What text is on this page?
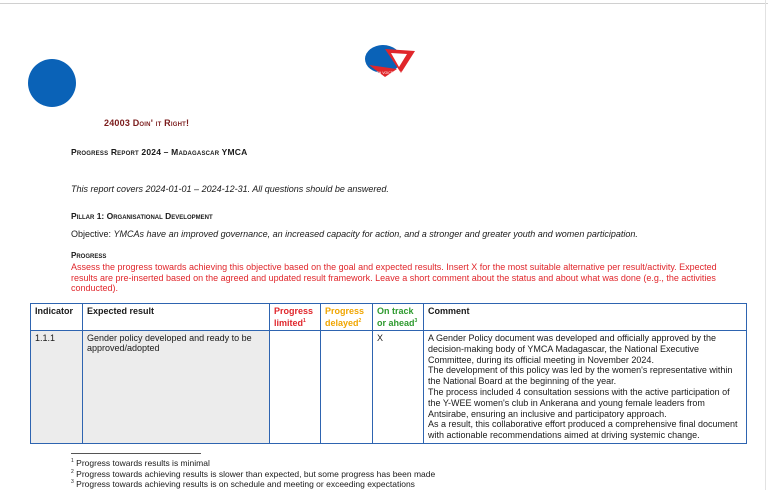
YOUTH VOICE IN CREATION
24003 Doin' it Right!
Progress Report 2024 – Madagascar YMCA
This report covers 2024-01-01 – 2024-12-31. All questions should be answered.
Pillar 1: Organisational Development
Objective: YMCAs have an improved governance, an increased capacity for action, and a stronger and greater youth and women participation.
Progress
Assess the progress towards achieving this objective based on the goal and expected results. Insert X for the most suitable alternative per result/activity. Expected results are pre-inserted based on the agreed and updated result framework. Leave a short comment about the status and about what was done (e.g., the activities conducted).
Indicator	Expected result	Progress limited$^1$	Progress delayed$^2$	On track or ahead$^3$	Comment
1.1.1	Gender policy developed and ready to be approved/adopted			X	A Gender Policy document was developed and officially approved by the decision-making body of YMCA Madagascar, the National Executive Committee, during its official meeting in November 2024.
The development of this policy was led by the women's representative within the National Board at the beginning of the year.
The process included 4 consultation sessions with the active participation of the Y-WEE women's club in Ankerana and young female leaders from Antsirabe, ensuring an inclusive and participatory approach.
As a result, this collaborative effort produced a comprehensive final document with actionable recommendations aimed at driving systemic change.
$^1$ Progress towards results is minimal
$^2$ Progress towards achieving results is slower than expected, but some progress has been made
$^3$ Progress towards achieving results is on schedule and meeting or exceeding expectations
